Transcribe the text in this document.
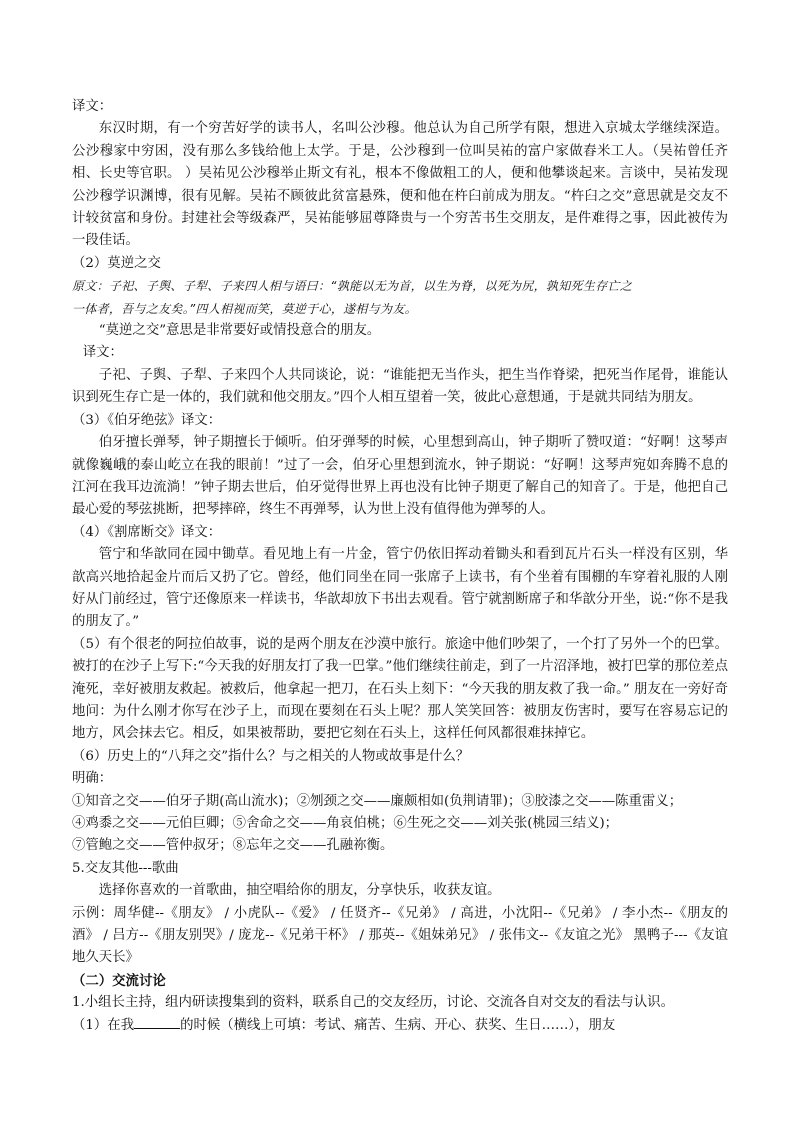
译文：

东汉时期，有一个穷苦好学的读书人，名叫公沙穆。他总认为自己所学有限，想进入京城太学继续深造。公沙穆家中穷困，没有那么多钱给他上太学。于是，公沙穆到一位叫吴祐的富户家做舂米工人。（吴祐曾任齐相、长史等官职。 ）吴祐见公沙穆举止斯文有礼，根本不像做粗工的人，便和他攀谈起来。言谈中，吴祐发现公沙穆学识渊博，很有见解。吴祐不顾彼此贫富悬殊，便和他在杵臼前成为朋友。“杵臼之交”意思就是交友不计较贫富和身份。封建社会等级森严，吴祐能够屈尊降贵与一个穷苦书生交朋友，是件难得之事，因此被传为一段佳话。

（2）莫逆之交
原文：子祀、子舆、子犁、子来四人相与语曰：“孰能以无为首，以生为脊，以死为尻，孰知死生存亡之
一体者，吾与之友矣。”四人相视而笑，莫逆于心，遂相与为友。
“莫逆之交”意思是非常要好或情投意合的朋友。
译文：

子祀、子舆、子犁、子来四个人共同谈论，说：“谁能把无当作头，把生当作脊梁，把死当作尾骨，谁能认识到死生存亡是一体的，我们就和他交朋友。”四个人相互望着一笑，彼此心意想通，于是就共同结为朋友。

（3）《伯牙绝弦》译文：

伯牙擅长弹琴，钟子期擅长于倾听。伯牙弹琴的时候，心里想到高山，钟子期听了赞叹道：“好啊！这琴声就像巍峨的泰山屹立在我的眼前！”过了一会，伯牙心里想到流水，钟子期说：“好啊！这琴声宛如奔腾不息的江河在我耳边流淌！”钟子期去世后，伯牙觉得世界上再也没有比钟子期更了解自己的知音了。于是，他把自己最心爱的琴弦挑断，把琴摔碎，终生不再弹琴，认为世上没有值得他为弹琴的人。

（4）《割席断交》译文：

管宁和华歆同在园中锄草。看见地上有一片金，管宁仍依旧挥动着锄头和看到瓦片石头一样没有区别，华歆高兴地拾起金片而后又扔了它。曾经，他们同坐在同一张席子上读书，有个坐着有围棚的车穿着礼服的人刚好从门前经过，管宁还像原来一样读书，华歆却放下书出去观看。管宁就割断席子和华歆分开坐，说:“你不是我的朋友了。”

（5）有个很老的阿拉伯故事，说的是两个朋友在沙漠中旅行。旅途中他们吵架了，一个打了另外一个的巴掌。被打的在沙子上写下:“今天我的好朋友打了我一巴掌。”他们继续往前走，到了一片沼泽地，被打巴掌的那位差点淹死，幸好被朋友救起。被救后，他拿起一把刀，在石头上刻下：“今天我的朋友救了我一命。” 朋友在一旁好奇地问：为什么刚才你写在沙子上，而现在要刻在石头上呢？那人笑笑回答：被朋友伤害时，要写在容易忘记的地方，风会抹去它。相反，如果被帮助，要把它刻在石头上，这样任何风都很难抹掉它。

（6）历史上的“八拜之交”指什么？与之相关的人物或故事是什么？
明确：
①知音之交——伯牙子期(高山流水)；②刎颈之交——廉颇相如(负荆请罪)；③胶漆之交——陈重雷义；
④鸡黍之交——元伯巨卿；⑤舍命之交——角哀伯桃；⑥生死之交——刘关张(桃园三结义)；
⑦管鲍之交——管仲叔牙；⑧忘年之交——孔融祢衡。
5.交友其他---歌曲
选择你喜欢的一首歌曲，抽空唱给你的朋友，分享快乐，收获友谊。

示例：周华健--《朋友》 / 小虎队--《爱》 / 任贤齐--《兄弟》 / 高进，小沈阳--《兄弟》 / 李小杰--《朋友的酒》 / 吕方--《朋友别哭》/ 庞龙--《兄弟干杯》 / 那英--《姐妹弟兄》 / 张伟文--《友谊之光》 黑鸭子---《友谊地久天长》

（二）交流讨论
1.小组长主持，组内研读搜集到的资料，联系自己的交友经历，讨论、交流各自对交友的看法与认识。
（1）在我	的时候（横线上可填：考试、痛苦、生病、开心、获奖、生日……），朋友
